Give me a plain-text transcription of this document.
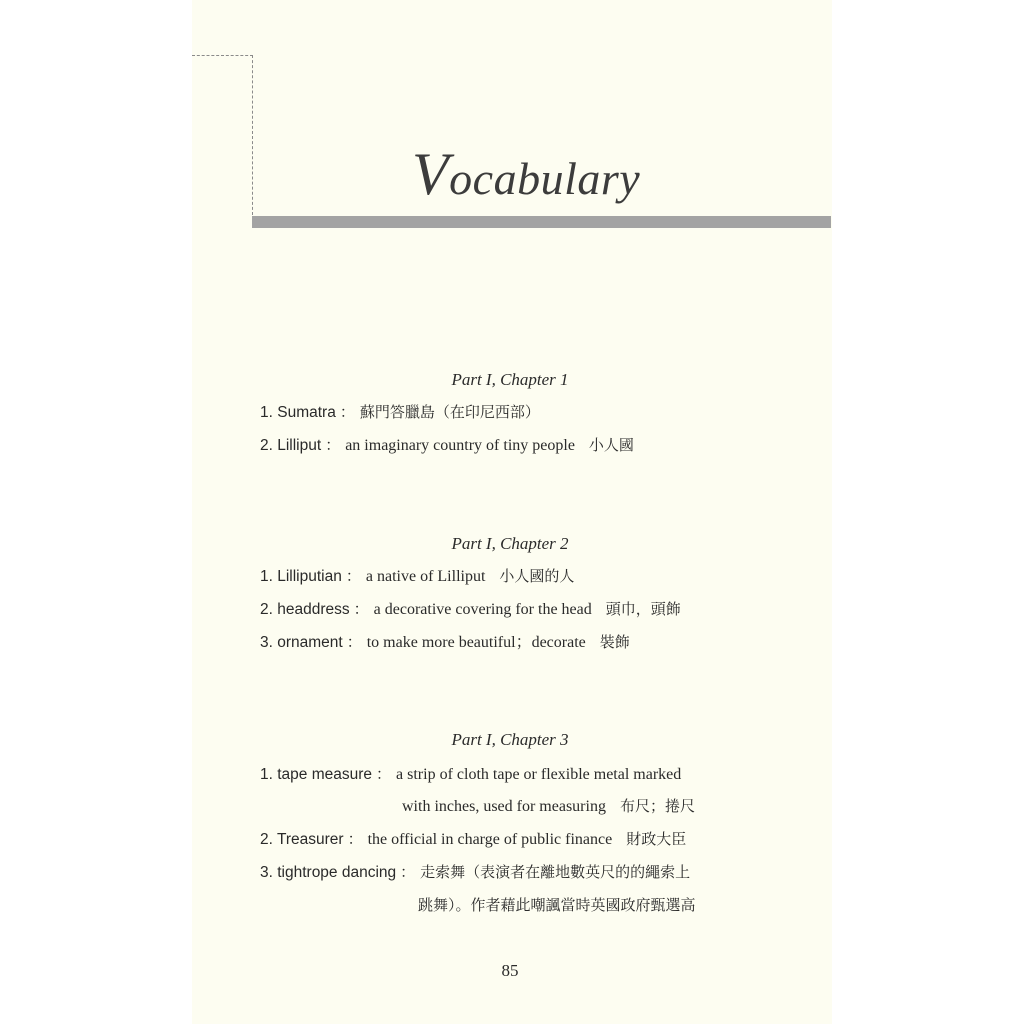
Vocabulary
Part I, Chapter 1
1. Sumatra ： 蘇門答臘島（在印尼西部）
2. Lilliput ： an imaginary country of tiny people 小人國
Part I, Chapter 2
1. Lilliputian ： a native of Lilliput 小人國的人
2. headdress ： a decorative covering for the head 頭巾，頭飾
3. ornament ： to make more beautiful；decorate 裝飾
Part I, Chapter 3
1. tape measure ： a strip of cloth tape or flexible metal marked
with inches, used for measuring 布尺；捲尺
2. Treasurer ： the official in charge of public finance 財政大臣
3. tightrope dancing ： 走索舞（表演者在離地數英尺的的繩索上
跳舞）。作者藉此嘲諷當時英國政府甄選高
85
